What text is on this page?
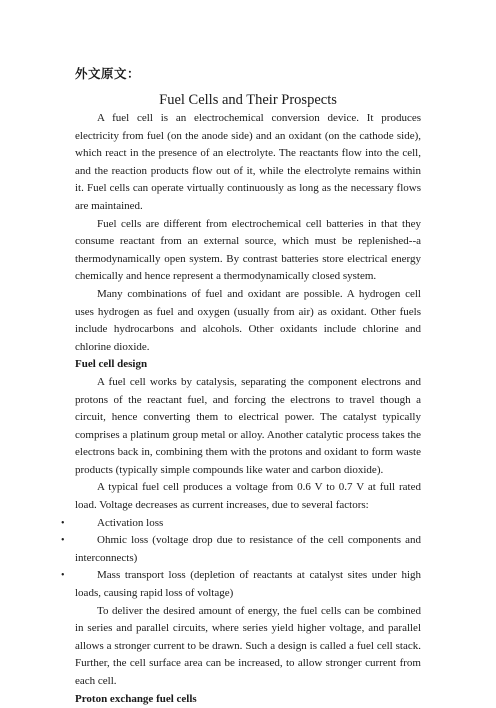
外文原文：
Fuel Cells and Their Prospects

A fuel cell is an electrochemical conversion device. It produces electricity from fuel (on the anode side) and an oxidant (on the cathode side), which react in the presence of an electrolyte. The reactants flow into the cell, and the reaction products flow out of it, while the electrolyte remains within it. Fuel cells can operate virtually continuously as long as the necessary flows are maintained.

Fuel cells are different from electrochemical cell batteries in that they consume reactant from an external source, which must be replenished--a thermodynamically open system. By contrast batteries store electrical energy chemically and hence represent a thermodynamically closed system.

Many combinations of fuel and oxidant are possible. A hydrogen cell uses hydrogen as fuel and oxygen (usually from air) as oxidant. Other fuels include hydrocarbons and alcohols. Other oxidants include chlorine and chlorine dioxide.

Fuel cell design

A fuel cell works by catalysis, separating the component electrons and protons of the reactant fuel, and forcing the electrons to travel though a circuit, hence converting them to electrical power. The catalyst typically comprises a platinum group metal or alloy. Another catalytic process takes the electrons back in, combining them with the protons and oxidant to form waste products (typically simple compounds like water and carbon dioxide).

A typical fuel cell produces a voltage from 0.6 V to 0.7 V at full rated load. Voltage decreases as current increases, due to several factors:

•	Activation loss
•	Ohmic loss (voltage drop due to resistance of the cell components and interconnects)
•	Mass transport loss (depletion of reactants at catalyst sites under high loads, causing rapid loss of voltage)

To deliver the desired amount of energy, the fuel cells can be combined in series and parallel circuits, where series yield higher voltage, and parallel allows a stronger current to be drawn. Such a design is called a fuel cell stack. Further, the cell surface area can be increased, to allow stronger current from each cell.

Proton exchange fuel cells
